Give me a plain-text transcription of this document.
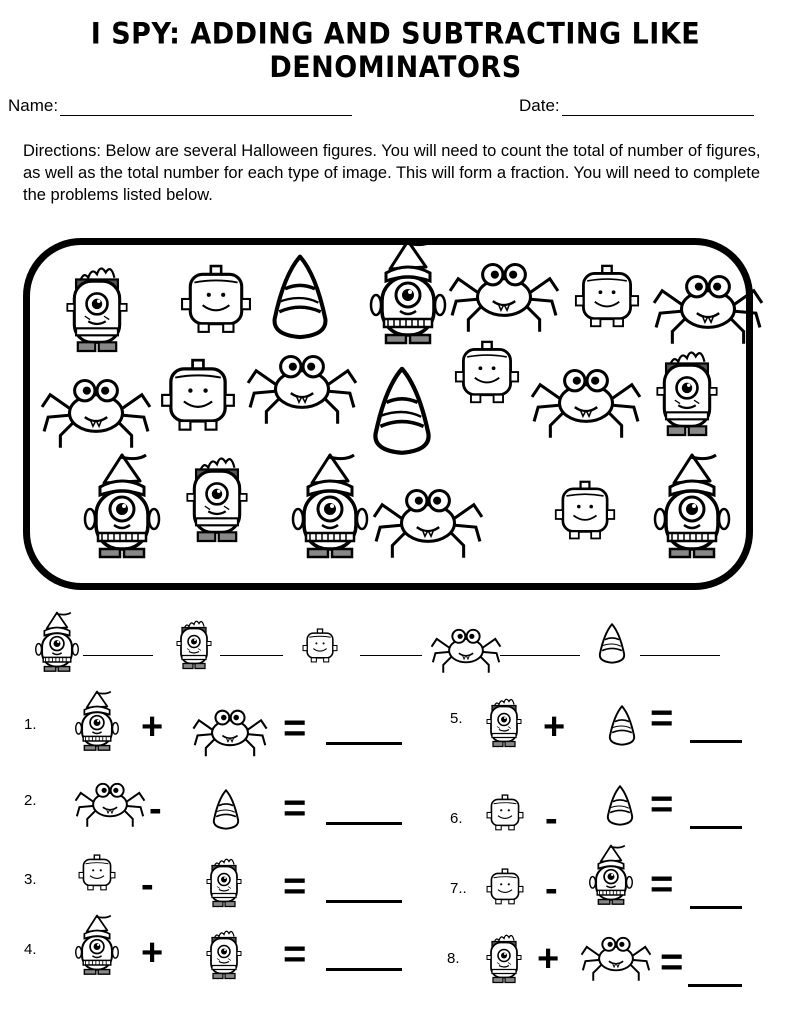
I SPY: ADDING AND SUBTRACTING LIKE DENOMINATORS
Name:	Date:
Directions: Below are several Halloween figures. You will need to count the total of number of figures, as well as the total number for each type of image. This will form a fraction. You will need to complete the problems listed below.
1.	+	=
2.	-	=
3.	-	=
4.	+	=
5. + =
6. - =
7.. - =
8. +	=
